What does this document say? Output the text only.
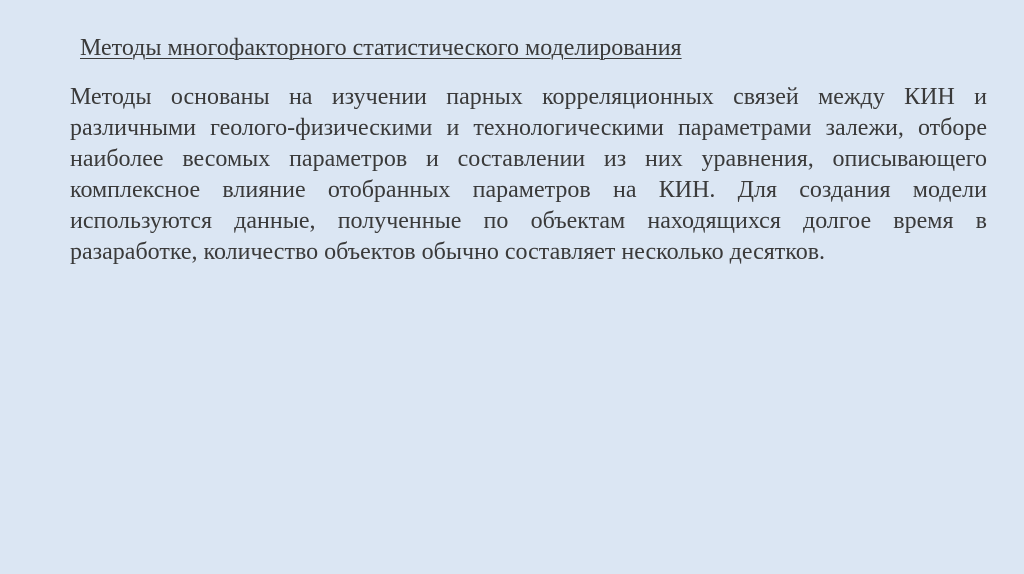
Методы многофакторного статистического моделирования

Методы основаны на изучении парных корреляционных связей между КИН и различными геолого-физическими и технологическими параметрами залежи, отборе наиболее весомых параметров и составлении из них уравнения, описывающего комплексное влияние отобранных параметров на КИН. Для создания модели используются данные, полученные по объектам находящихся долгое время в разаработке, количество объектов обычно составляет несколько десятков.
